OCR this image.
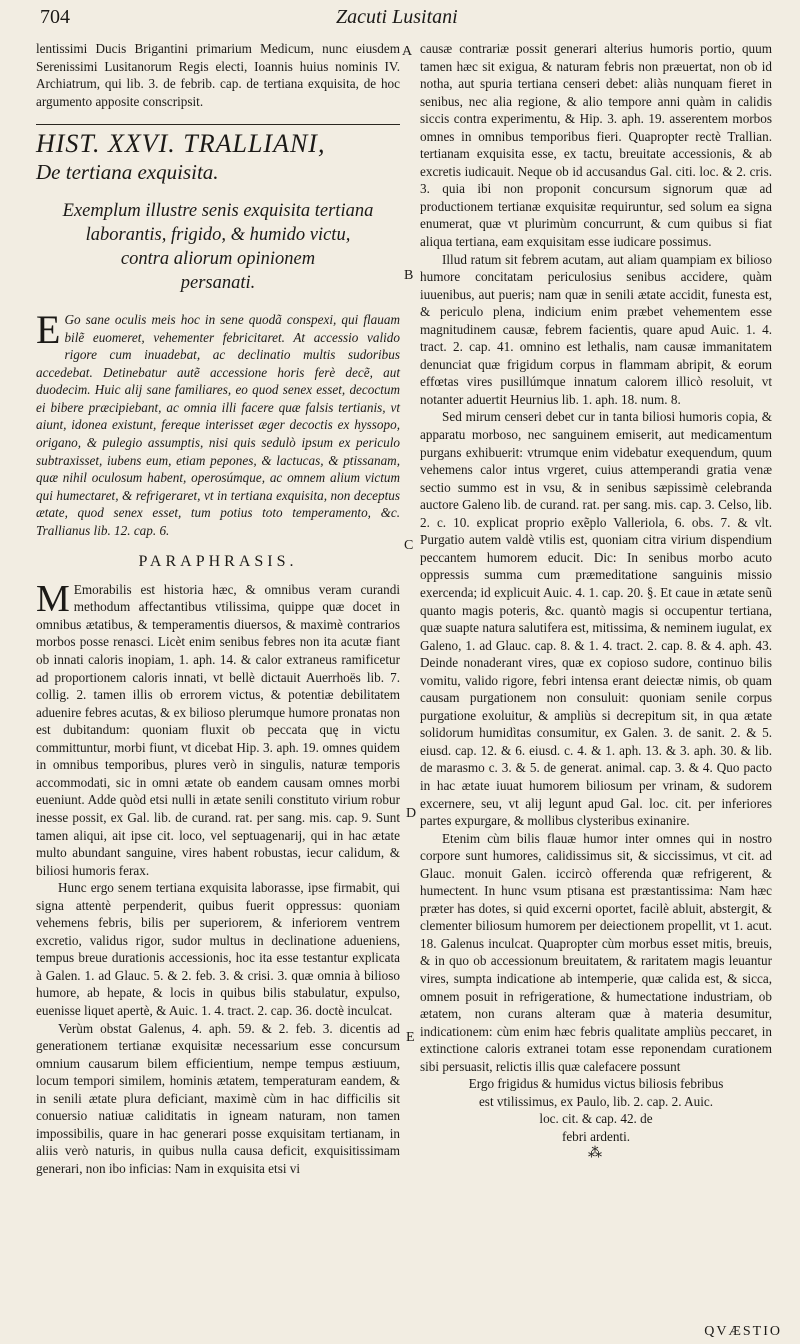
704	Zacuti Lusitani
A
B
C
D
E

lentissimi Ducis Brigantini primarium Medicum, nunc eiusdem Serenissimi Lusitanorum Regis electi, Ioannis huius nominis IV. Archiatrum, qui lib. 3. de febrib. cap. de tertiana exquisita, de hoc argumento apposite conscripsit.

HIST. XXVI. TRALLIANI,
De tertiana exquisita.
Exemplum illustre senis exquisita tertiana
laborantis, frigido, & humido victu,
contra aliorum opinionem
persanati.

E Go sane oculis meis hoc in sene quodã conspexi, qui flauam bilẽ euomeret, vehementer febricitaret. At accessio valido rigore cum inuadebat, ac declinatio multis sudoribus accedebat. Detinebatur autẽ accessione horis ferè decẽ, aut duodecim. Huic alij sane familiares, eo quod senex esset, decoctum ei bibere præcipiebant, ac omnia illi facere quæ falsis tertianis, vt aiunt, idonea existunt, fereque interisset æger decoctis ex hyssopo, origano, & pulegio assumptis, nisi quis sedulò ipsum ex periculo subtraxisset, iubens eum, etiam pepones, & lactucas, & ptissanam, quæ nihil oculosum habent, operosúmque, ac omnem alium victum qui humectaret, & refrigeraret, vt in tertiana exquisita, non deceptus ætate, quod senex esset, tum potius toto temperamento, &c. Trallianus lib. 12. cap. 6.

PARAPHRASIS.

M Emorabilis est historia hæc, & omnibus veram curandi methodum affectantibus vtilissima, quippe quæ docet in omnibus ætatibus, & temperamentis diuersos, & maximè contrarios morbos posse renasci. Licèt enim senibus febres non ita acutæ fiant ob innati caloris inopiam, 1. aph. 14. & calor extraneus ramificetur ad proportionem caloris innati, vt bellè dictauit Auerrhoës lib. 7. collig. 2. tamen illis ob errorem victus, & potentiæ debilitatem aduenire febres acutas, & ex bilioso plerumque humore pronatas non est dubitandum: quoniam fluxit ob peccata quę in victu committuntur, morbi fiunt, vt dicebat Hip. 3. aph. 19. omnes quidem in omnibus temporibus, plures verò in singulis, naturæ temporis accommodati, sic in omni ætate ob eandem causam omnes morbi eueniunt. Adde quòd etsi nulli in ætate senili constituto virium robur inesse possit, ex Gal. lib. de curand. rat. per sang. mis. cap. 9. Sunt tamen aliqui, ait ipse cit. loco, vel septuagenarij, qui in hac ætate multo abundant sanguine, vires habent robustas, iecur calidum, & biliosi humoris ferax.

Hunc ergo senem tertiana exquisita laborasse, ipse firmabit, qui signa attentè perpenderit, quibus fuerit oppressus: quoniam vehemens febris, bilis per superiorem, & inferiorem ventrem excretio, validus rigor, sudor multus in declinatione adueniens, tempus breue durationis accessionis, hoc ita esse testantur explicata à Galen. 1. ad Glauc. 5. & 2. feb. 3. & crisi. 3. quæ omnia à bilioso humore, ab hepate, & locis in quibus bilis stabulatur, expulso, euenisse liquet apertè, & Auic. 1. 4. tract. 2. cap. 36. doctè inculcat.

Verùm obstat Galenus, 4. aph. 59. & 2. feb. 3. dicentis ad generationem tertianæ exquisitæ necessarium esse concursum omnium causarum bilem efficientium, nempe tempus æstiuum, locum tempori similem, hominis ætatem, temperaturam eandem, & in senili ætate plura deficiant, maximè cùm in hac difficilis sit conuersio natiuæ caliditatis in igneam naturam, non tamen impossibilis, quare in hac generari posse exquisitam tertianam, in aliis verò naturis, in quibus nulla causa deficit, exquisitissimam generari, non ibo inficias: Nam in exquisita etsi vi

causæ contrariæ possit generari alterius humoris portio, quum tamen hæc sit exigua, & naturam febris non præuertat, non ob id notha, aut spuria tertiana censeri debet: aliàs nunquam fieret in senibus, nec alia regione, & alio tempore anni quàm in calidis siccis contra experimentu, & Hip. 3. aph. 19. asserentem morbos omnes in omnibus temporibus fieri. Quapropter rectè Trallian. tertianam exquisita esse, ex tactu, breuitate accessionis, & ab excretis iudicauit. Neque ob id accusandus Gal. citi. loc. & 2. cris. 3. quia ibi non proponit concursum signorum quæ ad productionem tertianæ exquisitæ requiruntur, sed solum ea signa enumerat, quæ vt plurimùm concurrunt, & cum quibus si fiat aliqua tertiana, eam exquisitam esse iudicare possimus.

Illud ratum sit febrem acutam, aut aliam quampiam ex bilioso humore concitatam periculosius senibus accidere, quàm iuuenibus, aut pueris; nam quæ in senili ætate accidit, funesta est, & periculo plena, indicium enim præbet vehementem esse magnitudinem causæ, febrem facientis, quare apud Auic. 1. 4. tract. 2. cap. 41. omnino est lethalis, nam causæ immanitatem denunciat quæ frigidum corpus in flammam abripit, & eorum effœtas vires pusillúmque innatum calorem illicò resoluit, vt notanter aduertit Heurnius lib. 1. aph. 18. num. 8.

Sed mirum censeri debet cur in tanta biliosi humoris copia, & apparatu morboso, nec sanguinem emiserit, aut medicamentum purgans exhibuerit: vtrumque enim videbatur exequendum, quum vehemens calor intus vrgeret, cuius attemperandi gratia venæ sectio summo est in vsu, & in senibus sæpissimè celebranda auctore Galeno lib. de curand. rat. per sang. mis. cap. 3. Celso, lib. 2. c. 10. explicat proprio exẽplo Valleriola, 6. obs. 7. & vlt. Purgatio autem valdè vtilis est, quoniam citra virium dispendium peccantem humorem educit. Dic: In senibus morbo acuto oppressis summa cum præmeditatione sanguinis missio exercenda; id explicuit Auic. 4. 1. cap. 20. §. Et caue in ætate senũ quanto magis poteris, &c. quantò magis si occupentur tertiana, quæ suapte natura salutifera est, mitissima, & neminem iugulat, ex Galeno, 1. ad Glauc. cap. 8. & 1. 4. tract. 2. cap. 8. & 4. aph. 43. Deinde nonaderant vires, quæ ex copioso sudore, continuo bilis vomitu, valido rigore, febri intensa erant deiectæ nimis, ob quam causam purgationem non consuluit: quoniam senile corpus purgatione exoluitur, & ampliùs si decrepitum sit, in qua ætate solidorum humidìtas consumitur, ex Galen. 3. de sanit. 2. & 5. eiusd. cap. 12. & 6. eiusd. c. 4. & 1. aph. 13. & 3. aph. 30. & lib. de marasmo c. 3. & 5. de generat. animal. cap. 3. & 4. Quo pacto in hac ætate iuuat humorem biliosum per vrinam, & sudorem excernere, seu, vt alij legunt apud Gal. loc. cit. per inferiores partes expurgare, & mollibus clysteribus exinanire.

Etenim cùm bilis flauæ humor inter omnes qui in nostro corpore sunt humores, calidissimus sit, & siccissimus, vt cit. ad Glauc. monuit Galen. iccircò offerenda quæ refrigerent, & humectent. In hunc vsum ptisana est præstantissima: Nam hæc præter has dotes, si quid excerni oportet, facilè abluit, abstergit, & clementer biliosum humorem per deiectionem propellit, vt 1. acut. 18. Galenus inculcat. Quapropter cùm morbus esset mitis, breuis, & in quo ob accessionum breuitatem, & raritatem magis leuantur vires, sumpta indicatione ab intemperie, quæ calida est, & sicca, omnem posuit in refrigeratione, & humectatione industriam, ob ætatem, non curans alteram quæ à materia desumitur, indicationem: cùm enim hæc febris qualitate ampliùs peccaret, in extinctione caloris extranei totam esse reponendam curationem sibi persuasit, relictis illis quæ calefacere possunt

Ergo frigidus & humidus victus biliosis febribus
est vtilissimus, ex Paulo, lib. 2. cap. 2. Auic.
loc. cit. & cap. 42. de
febri ardenti.
⁂
QVÆSTIO
